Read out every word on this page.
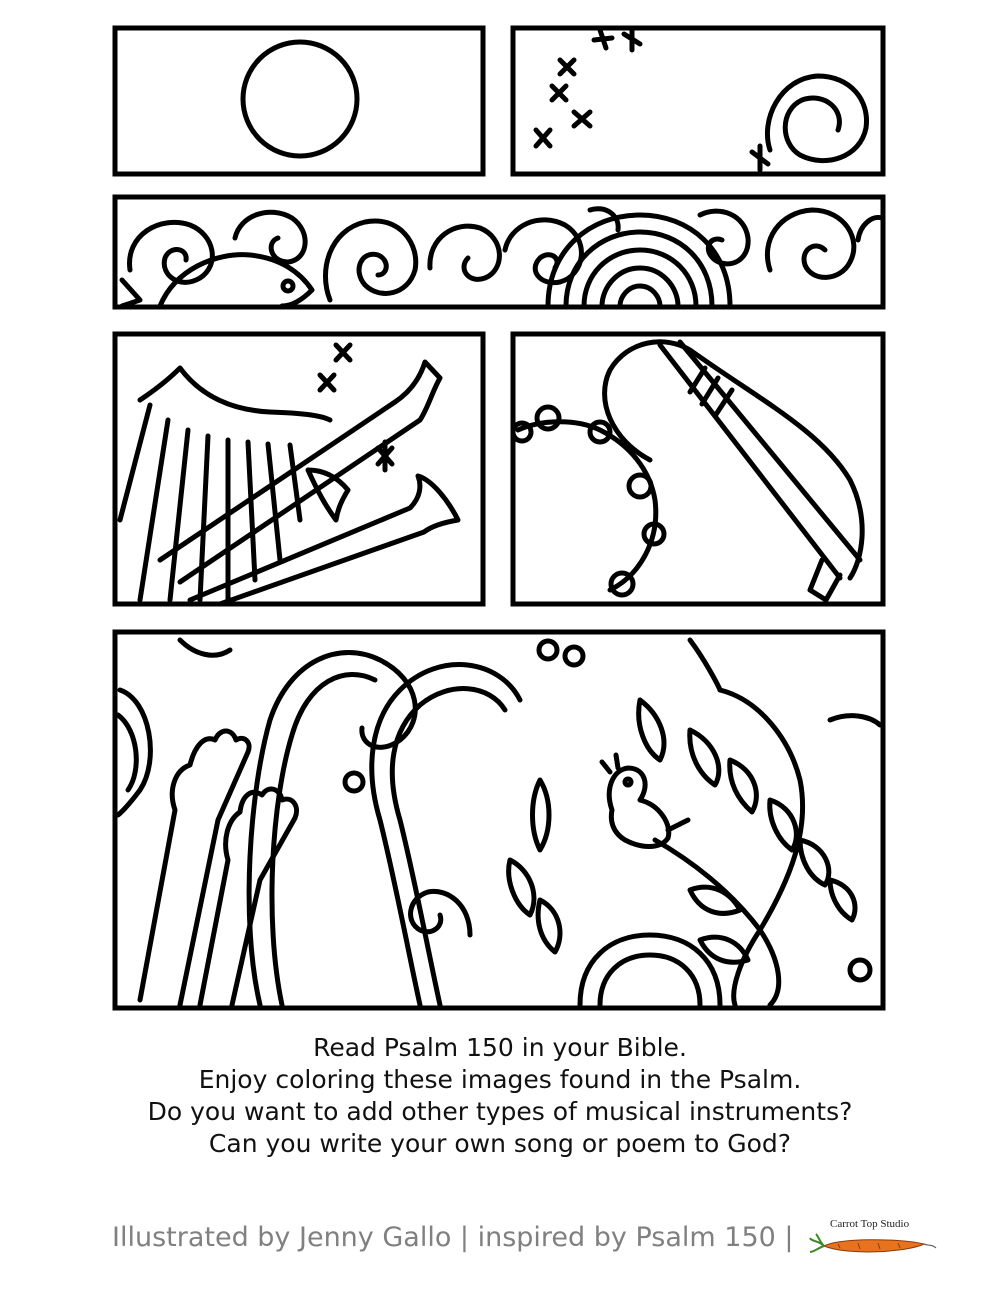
Read Psalm 150 in your Bible.
Enjoy coloring these images found in the Psalm.
Do you want to add other types of musical instruments?
Can you write your own song or poem to God?
Illustrated by Jenny Gallo | inspired by Psalm 150 |	Carrot Top Studio
